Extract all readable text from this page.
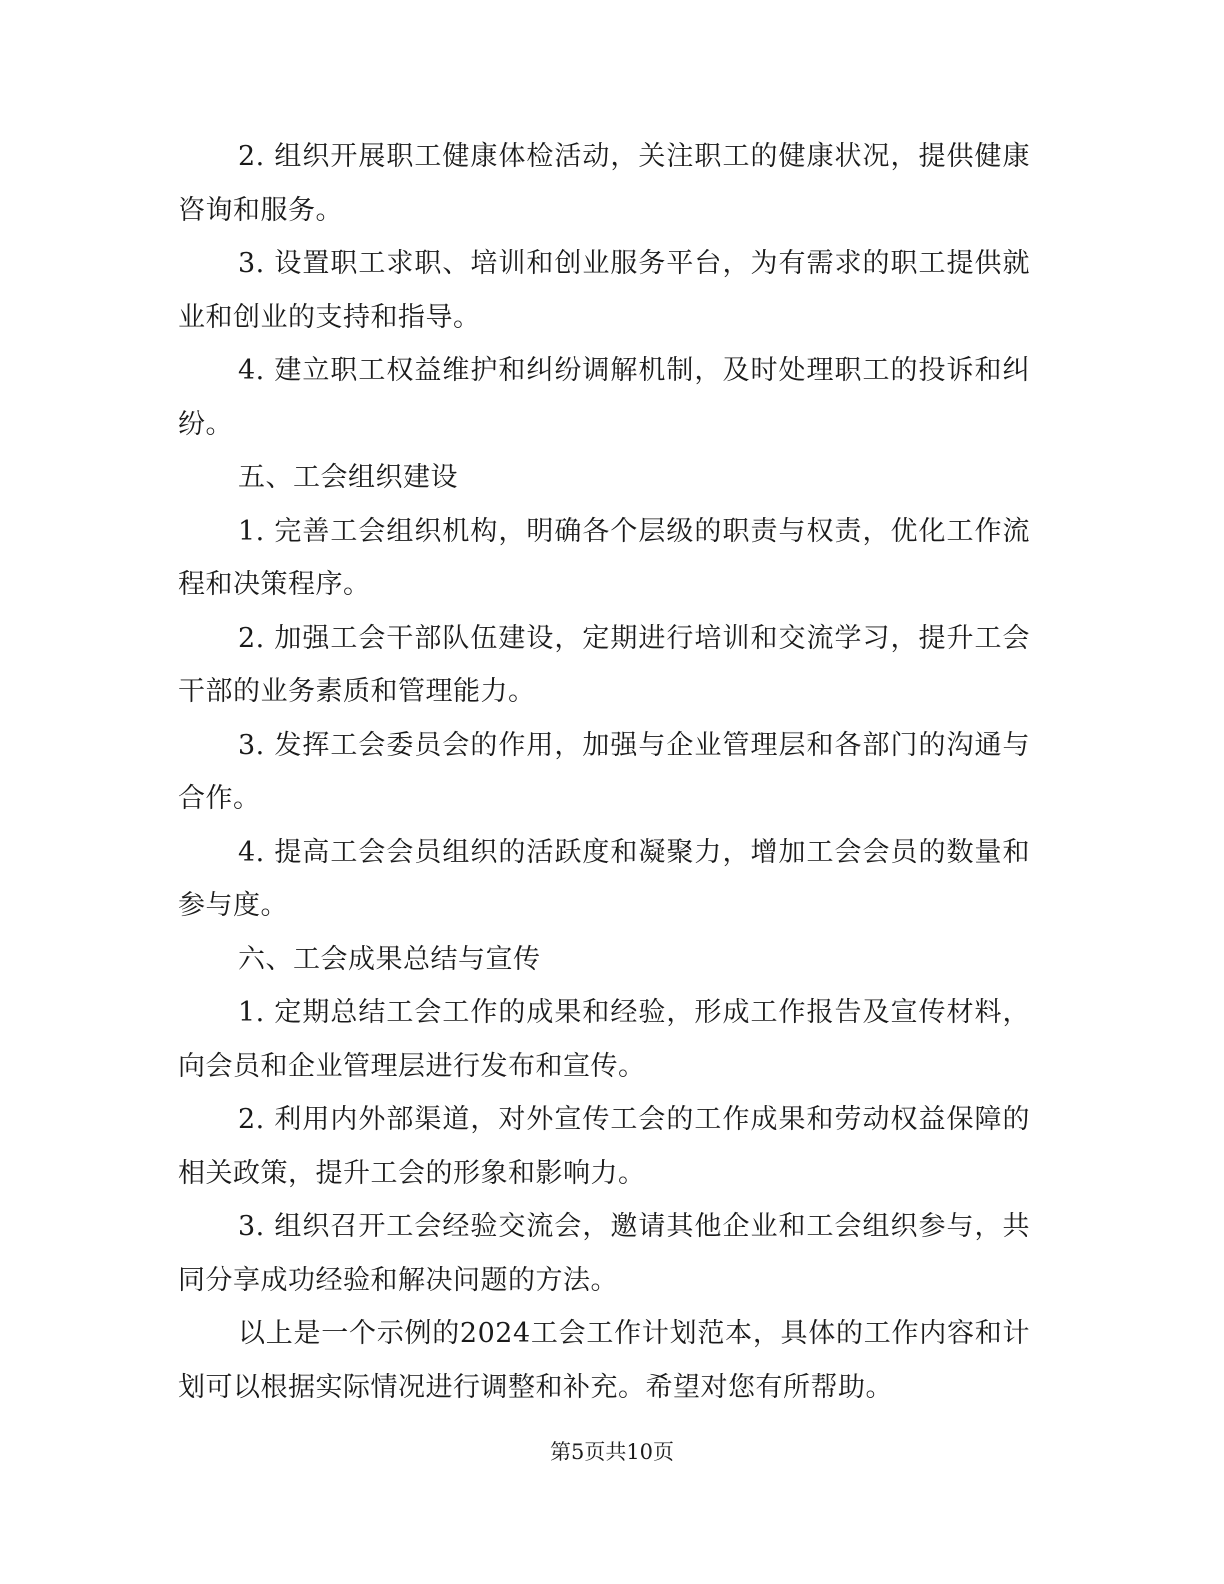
2. 组织开展职工健康体检活动，关注职工的健康状况，提供健康咨询和服务。

3. 设置职工求职、培训和创业服务平台，为有需求的职工提供就业和创业的支持和指导。

4. 建立职工权益维护和纠纷调解机制，及时处理职工的投诉和纠纷。

五、工会组织建设

1. 完善工会组织机构，明确各个层级的职责与权责，优化工作流程和决策程序。

2. 加强工会干部队伍建设，定期进行培训和交流学习，提升工会干部的业务素质和管理能力。

3. 发挥工会委员会的作用，加强与企业管理层和各部门的沟通与合作。

4. 提高工会会员组织的活跃度和凝聚力，增加工会会员的数量和参与度。

六、工会成果总结与宣传

1. 定期总结工会工作的成果和经验，形成工作报告及宣传材料，向会员和企业管理层进行发布和宣传。

2. 利用内外部渠道，对外宣传工会的工作成果和劳动权益保障的相关政策，提升工会的形象和影响力。

3. 组织召开工会经验交流会，邀请其他企业和工会组织参与，共同分享成功经验和解决问题的方法。

以上是一个示例的2024工会工作计划范本，具体的工作内容和计划可以根据实际情况进行调整和补充。希望对您有所帮助。

第5页共10页
